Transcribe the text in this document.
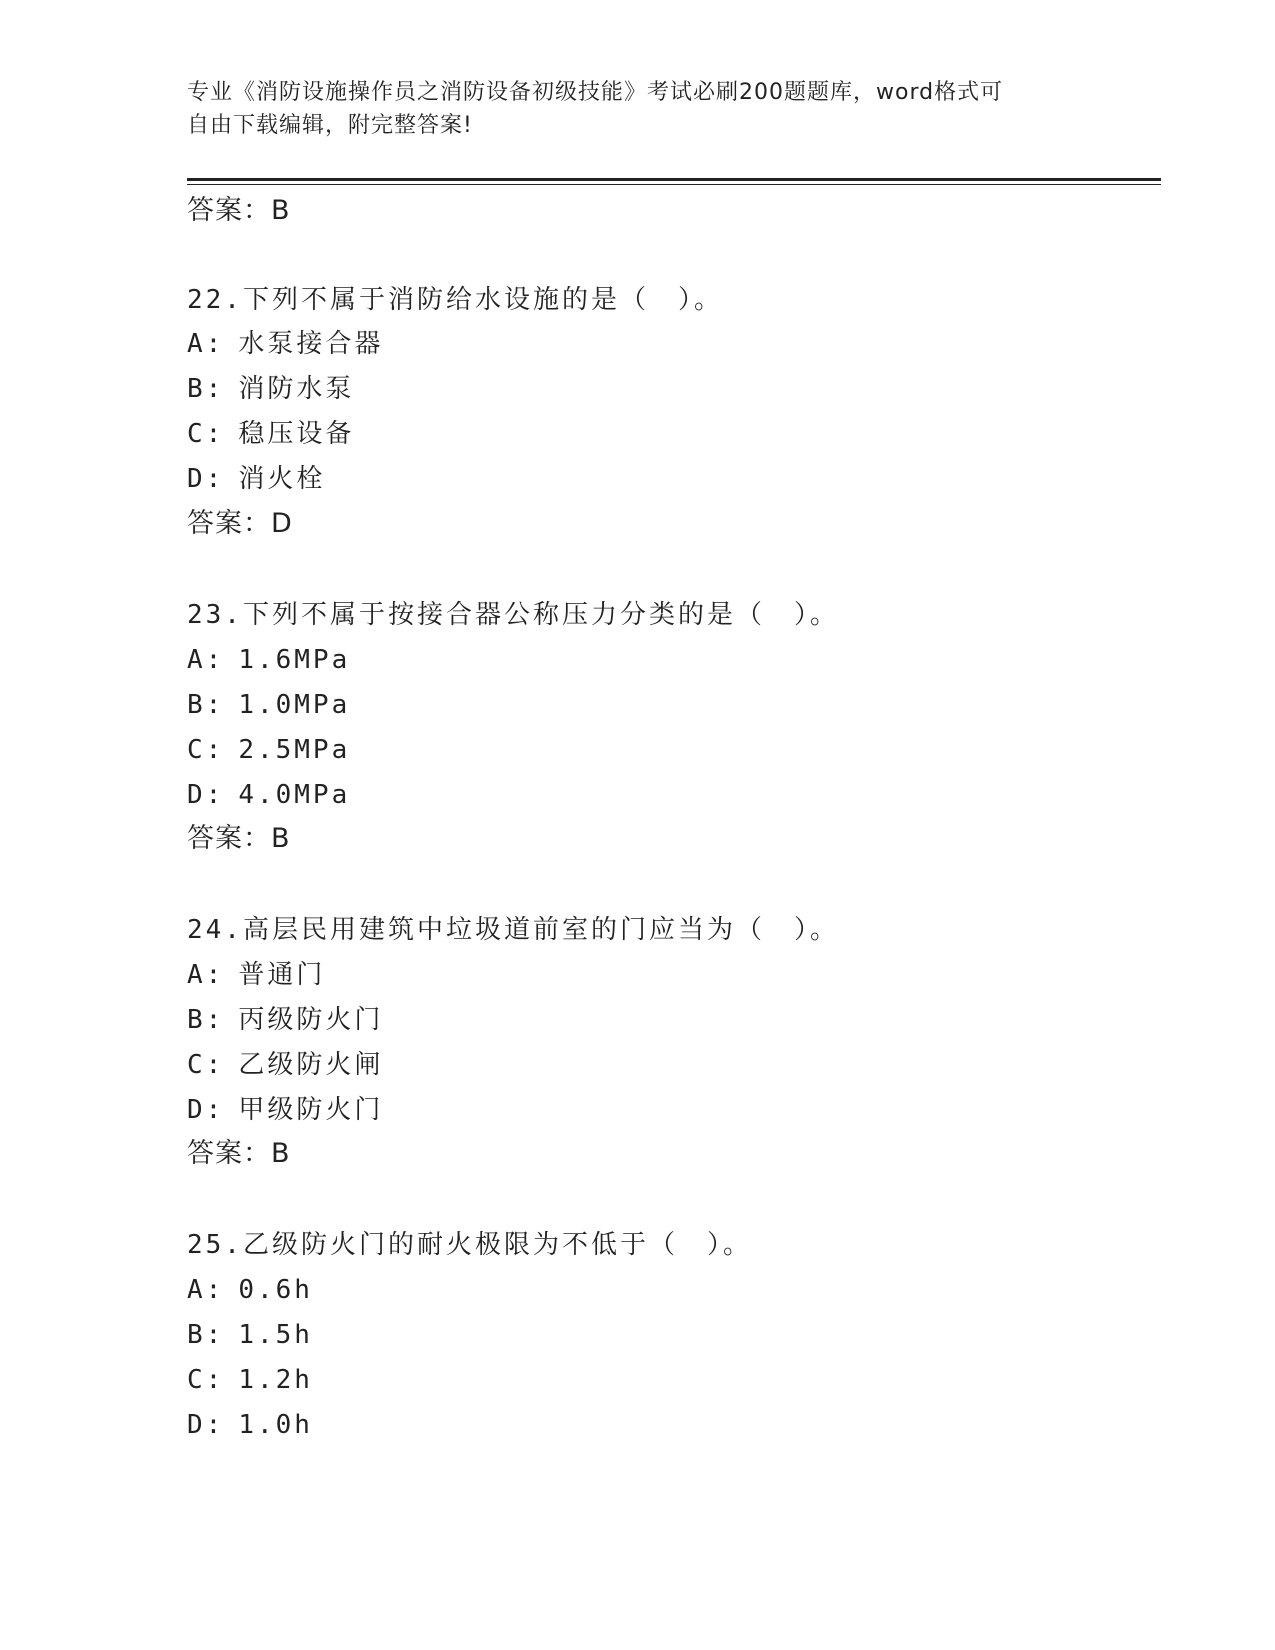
专业《消防设施操作员之消防设备初级技能》考试必刷200题题库，word格式可
自由下载编辑，附完整答案!
答案：B
22.下列不属于消防给水设施的是（　）。
A: 水泵接合器
B: 消防水泵
C: 稳压设备
D: 消火栓
答案：D
23.下列不属于按接合器公称压力分类的是（　）。
A: 1.6MPa
B: 1.0MPa
C: 2.5MPa
D: 4.0MPa
答案：B
24.高层民用建筑中垃圾道前室的门应当为（　）。
A: 普通门
B: 丙级防火门
C: 乙级防火闸
D: 甲级防火门
答案：B
25.乙级防火门的耐火极限为不低于（　）。
A: 0.6h
B: 1.5h
C: 1.2h
D: 1.0h
